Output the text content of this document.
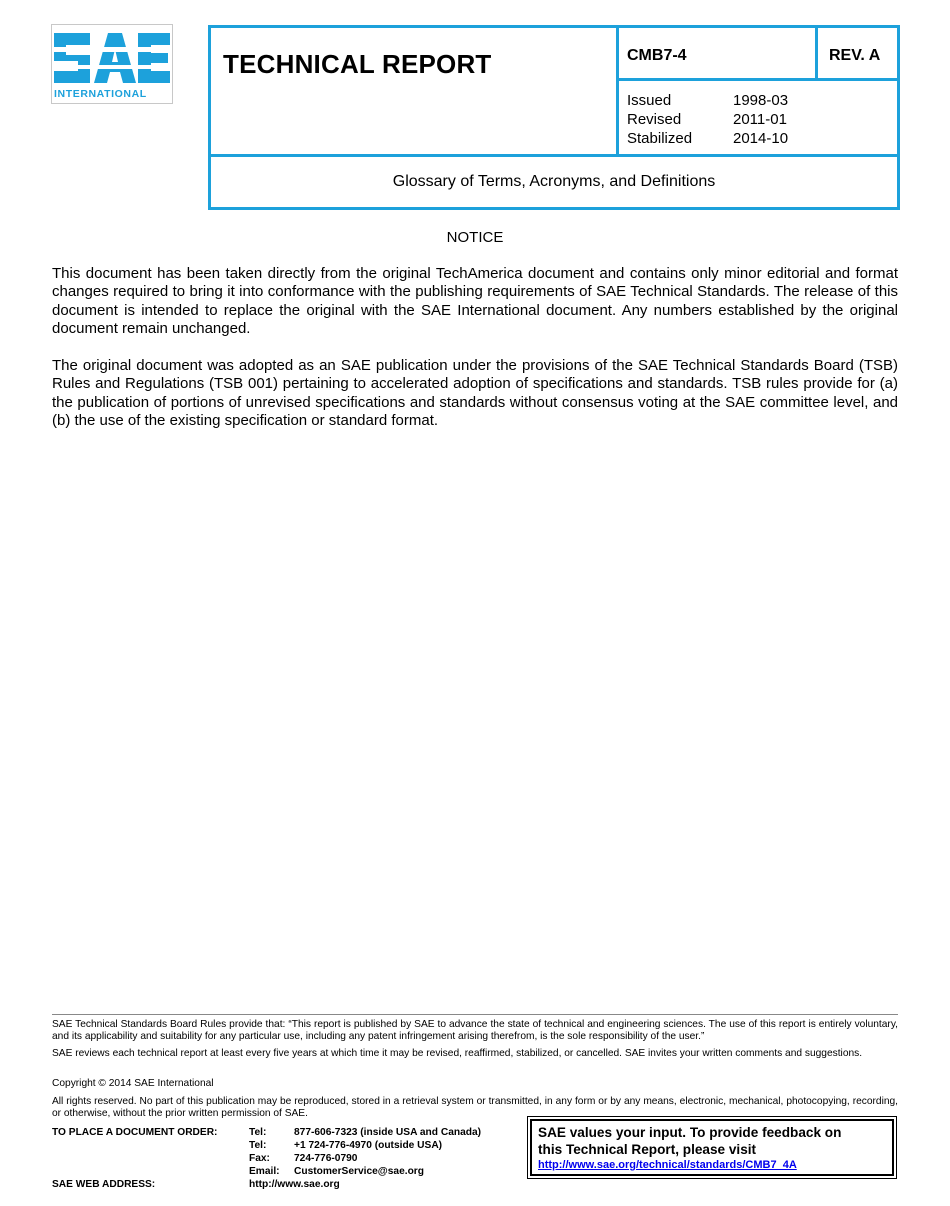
INTERNATIONAL
TECHNICAL REPORT	CMB7-4	REV. A
Issued	1998-03
Revised	2011-01
Stabilized	2014-10
Glossary of Terms, Acronyms, and Definitions
NOTICE
This document has been taken directly from the original TechAmerica document and contains only minor editorial and format changes required to bring it into conformance with the publishing requirements of SAE Technical Standards. The release of this document is intended to replace the original with the SAE International document. Any numbers established by the original document remain unchanged.
The original document was adopted as an SAE publication under the provisions of the SAE Technical Standards Board (TSB) Rules and Regulations (TSB 001) pertaining to accelerated adoption of specifications and standards. TSB rules provide for (a) the publication of portions of unrevised specifications and standards without consensus voting at the SAE committee level, and (b) the use of the existing specification or standard format.
SAE Technical Standards Board Rules provide that: “This report is published by SAE to advance the state of technical and engineering sciences. The use of this report is entirely voluntary, and its applicability and suitability for any particular use, including any patent infringement arising therefrom, is the sole responsibility of the user.”
SAE reviews each technical report at least every five years at which time it may be revised, reaffirmed, stabilized, or cancelled. SAE invites your written comments and suggestions.
Copyright © 2014 SAE International
All rights reserved. No part of this publication may be reproduced, stored in a retrieval system or transmitted, in any form or by any means, electronic, mechanical, photocopying, recording, or otherwise, without the prior written permission of SAE.
TO PLACE A DOCUMENT ORDER:	Tel:	877-606-7323 (inside USA and Canada)
Tel:	+1 724-776-4970 (outside USA)
Fax: 724-776-0790
Email: CustomerService@sae.org
SAE WEB ADDRESS:	http://www.sae.org
SAE values your input. To provide feedback on this Technical Report, please visit
http://www.sae.org/technical/standards/CMB7_4A
